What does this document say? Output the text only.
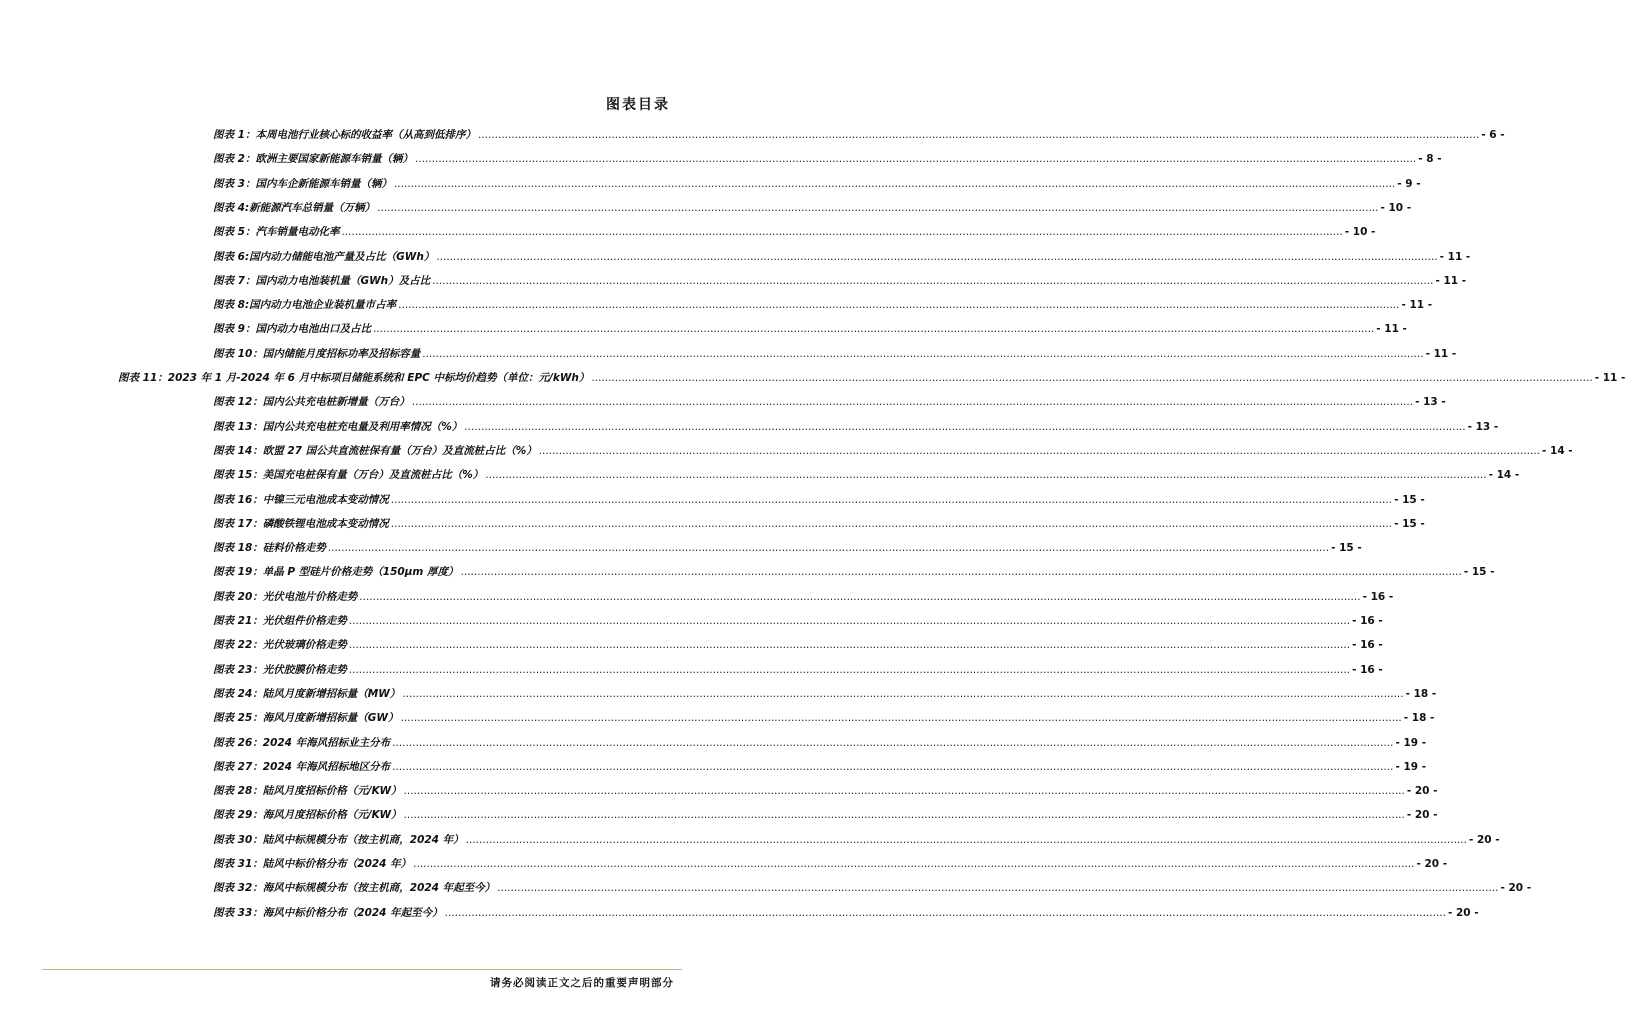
图表目录
图表 1：本周电池行业核心标的收益率（从高到低排序） ............................................................................................................................................................................................................................................................................................................ - 6 -
图表 2：欧洲主要国家新能源车销量（辆） ............................................................................................................................................................................................................................................................................................................ - 8 -
图表 3：国内车企新能源车销量（辆） ............................................................................................................................................................................................................................................................................................................ - 9 -
图表 4:新能源汽车总销量（万辆） ............................................................................................................................................................................................................................................................................................................ - 10 -
图表 5：汽车销量电动化率 ............................................................................................................................................................................................................................................................................................................ - 10 -
图表 6:国内动力储能电池产量及占比（GWh） ............................................................................................................................................................................................................................................................................................................ - 11 -
图表 7：国内动力电池装机量（GWh）及占比 ............................................................................................................................................................................................................................................................................................................ - 11 -
图表 8:国内动力电池企业装机量市占率 ............................................................................................................................................................................................................................................................................................................ - 11 -
图表 9：国内动力电池出口及占比 ............................................................................................................................................................................................................................................................................................................ - 11 -
图表 10：国内储能月度招标功率及招标容量 ............................................................................................................................................................................................................................................................................................................ - 11 -
图表 11：2023 年 1 月-2024 年 6 月中标项目储能系统和 EPC 中标均价趋势（单位：元/kWh） ............................................................................................................................................................................................................................................................................................................ - 11 -
图表 12：国内公共充电桩新增量（万台） ............................................................................................................................................................................................................................................................................................................ - 13 -
图表 13：国内公共充电桩充电量及利用率情况（%） ............................................................................................................................................................................................................................................................................................................ - 13 -
图表 14：欧盟 27 国公共直流桩保有量（万台）及直流桩占比（%） ............................................................................................................................................................................................................................................................................................................ - 14 -
图表 15：美国充电桩保有量（万台）及直流桩占比（%） ............................................................................................................................................................................................................................................................................................................ - 14 -
图表 16：中镍三元电池成本变动情况 ............................................................................................................................................................................................................................................................................................................ - 15 -
图表 17：磷酸铁锂电池成本变动情况 ............................................................................................................................................................................................................................................................................................................ - 15 -
图表 18：硅料价格走势 ............................................................................................................................................................................................................................................................................................................ - 15 -
图表 19：单晶 P 型硅片价格走势（150μm 厚度） ............................................................................................................................................................................................................................................................................................................ - 15 -
图表 20：光伏电池片价格走势 ............................................................................................................................................................................................................................................................................................................ - 16 -
图表 21：光伏组件价格走势 ............................................................................................................................................................................................................................................................................................................ - 16 -
图表 22：光伏玻璃价格走势 ............................................................................................................................................................................................................................................................................................................ - 16 -
图表 23：光伏胶膜价格走势 ............................................................................................................................................................................................................................................................................................................ - 16 -
图表 24：陆风月度新增招标量（MW） ............................................................................................................................................................................................................................................................................................................ - 18 -
图表 25：海风月度新增招标量（GW） ............................................................................................................................................................................................................................................................................................................ - 18 -
图表 26：2024 年海风招标业主分布 ............................................................................................................................................................................................................................................................................................................ - 19 -
图表 27：2024 年海风招标地区分布 ............................................................................................................................................................................................................................................................................................................ - 19 -
图表 28：陆风月度招标价格（元/KW） ............................................................................................................................................................................................................................................................................................................ - 20 -
图表 29：海风月度招标价格（元/KW） ............................................................................................................................................................................................................................................................................................................ - 20 -
图表 30：陆风中标规模分布（按主机商，2024 年） ............................................................................................................................................................................................................................................................................................................ - 20 -
图表 31：陆风中标价格分布（2024 年） ............................................................................................................................................................................................................................................................................................................ - 20 -
图表 32：海风中标规模分布（按主机商，2024 年起至今） ............................................................................................................................................................................................................................................................................................................ - 20 -
图表 33：海风中标价格分布（2024 年起至今） ............................................................................................................................................................................................................................................................................................................ - 20 -
请务必阅读正文之后的重要声明部分
